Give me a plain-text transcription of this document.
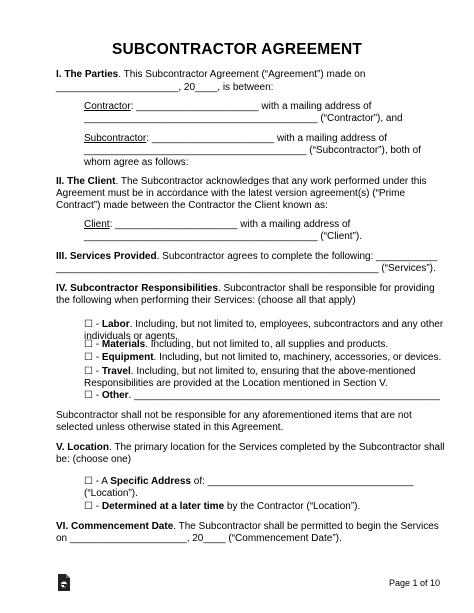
SUBCONTRACTOR AGREEMENT
I. The Parties. This Subcontractor Agreement (“Agreement”) made on
______________________, 20____, is between:
Contractor: ______________________ with a mailing address of
__________________________________________ (“Contractor”), and
Subcontractor: ______________________ with a mailing address of
________________________________________ (“Subcontractor”), both of
whom agree as follows:
II. The Client. The Subcontractor acknowledges that any work performed under this
Agreement must be in accordance with the latest version agreement(s) (“Prime
Contract”) made between the Contractor the Client known as:
Client: ______________________ with a mailing address of
__________________________________________ (“Client”).
III. Services Provided. Subcontractor agrees to complete the following: ___________
__________________________________________________________ (“Services”).
IV. Subcontractor Responsibilities. Subcontractor shall be responsible for providing
the following when performing their Services: (choose all that apply)
☐ - Labor. Including, but not limited to, employees, subcontractors and any other
individuals or agents.
☐ - Materials. Including, but not limited to, all supplies and products.
☐ - Equipment. Including, but not limited to, machinery, accessories, or devices.
☐ - Travel. Including, but not limited to, ensuring that the above-mentioned
Responsibilities are provided at the Location mentioned in Section V.
☐ - Other. _______________________________________________________
Subcontractor shall not be responsible for any aforementioned items that are not
selected unless otherwise stated in this Agreement.
V. Location. The primary location for the Services completed by the Subcontractor shall
be: (choose one)
☐ - A Specific Address of: _____________________________________
(“Location”).
☐ - Determined at a later time by the Contractor (“Location”).
VI. Commencement Date. The Subcontractor shall be permitted to begin the Services
on _____________________, 20____ (“Commencement Date”).
Page 1 of 10
